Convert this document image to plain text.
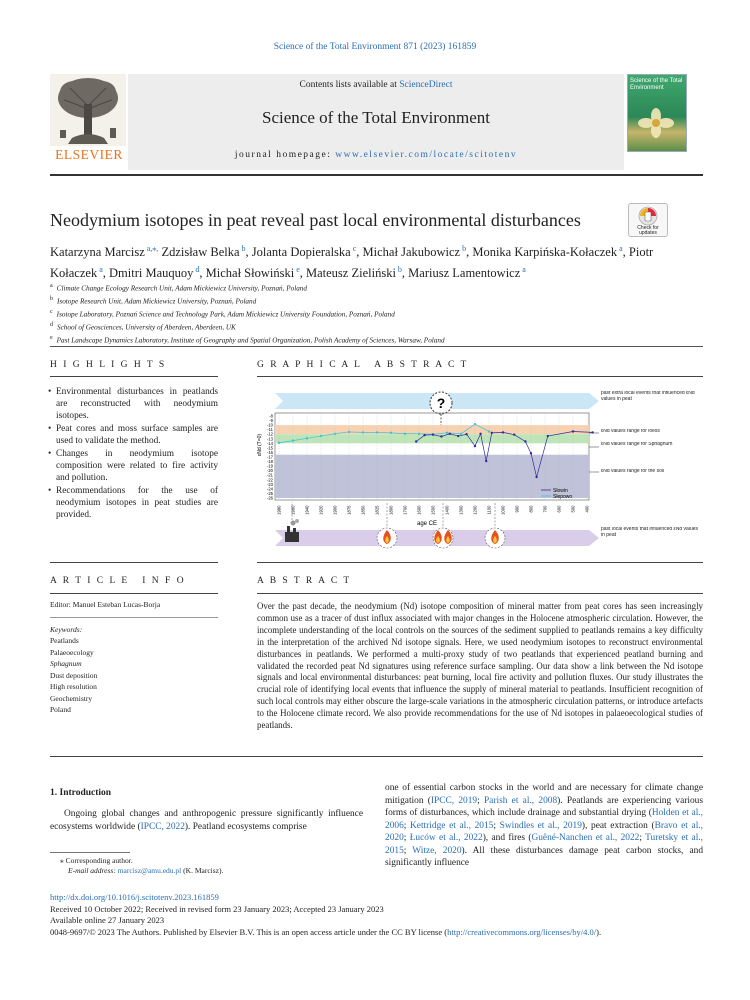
Science of the Total Environment 871 (2023) 161859
ELSEVIER
Contents lists available at ScienceDirect
Science of the Total Environment
journal homepage: www.elsevier.com/locate/scitotenv
Science of the Total Environment
Neodymium isotopes in peat reveal past local environmental disturbances	Check for updates
Katarzyna Marcisz $^{a,⁎,}$ Zdzisław Belka $^b$, Jolanta Dopieralska $^c$, Michał Jakubowicz $^b$, Monika Karpińska-Kołaczek $^a$, Piotr Kołaczek $^a$, Dmitri Mauquoy $^d$, Michał Słowiński $^e$, Mateusz Zieliński $^b$, Mariusz Lamentowicz $^a$
$^a$ Climate Change Ecology Research Unit, Adam Mickiewicz University, Poznań, Poland
$^b$ Isotope Research Unit, Adam Mickiewicz University, Poznań, Poland
$^c$ Isotope Laboratory, Poznań Science and Technology Park, Adam Mickiewicz University Foundation, Poznań, Poland
$^d$ School of Geosciences, University of Aberdeen, Aberdeen, UK
$^e$ Past Landscape Dynamics Laboratory, Institute of Geography and Spatial Organization, Polish Academy of Sciences, Warsaw, Poland
H I G H L I G H T S
• Environmental disturbances in peatlands are reconstructed with neodymium isotopes.
• Peat cores and moss surface samples are used to validate the method.
• Changes in neodymium isotope composition were related to fire activity and pollution.
• Recommendations for the use of neodymium isotopes in peat studies are provided.
G R A P H I C A L   A B S T R A C T
?
-8
-9
-10
-11
-12
-13
-14
-15
-16
-17
-18
-19
-20
-21
-22
-23
-24
-25
-26
1980 1960 1940 1920 1900 1875 1850 1825 1800 1700 1600 1500 1400 1300 1200 1100 1000 900 800 700 600 500 400
εNd (T=0)
age CE
Słowin
Słepowo
past extra local events that influenced εNd values in peat
εNd values range for loess
εNd values range for Sphagnum
εNd values range for the soil
past local events that influenced εNd values in peat
A R T I C L E   I N F O
Editor: Manuel Esteban Lucas-Borja
Keywords:
Peatlands
Palaeoecology
Sphagnum
Dust deposition
High resolution
Geochemistry
Poland
A B S T R A C T
Over the past decade, the neodymium (Nd) isotope composition of mineral matter from peat cores has seen increasingly common use as a tracer of dust influx associated with major changes in the Holocene atmospheric circulation. However, the incomplete understanding of the local controls on the sources of the sediment supplied to peatlands remains a key difficulty in the interpretation of the archived Nd isotope signals. Here, we used neodymium isotopes to reconstruct environmental disturbances in peatlands. We performed a multi-proxy study of two peatlands that experienced peatland burning and validated the recorded peat Nd signatures using reference surface sampling. Our data show a link between the Nd isotope signals and local environmental disturbances: peat burning, local fire activity and pollution fluxes. Our study illustrates the crucial role of identifying local events that influence the supply of mineral material to peatlands. Insufficient recognition of such local controls may either obscure the large-scale variations in the atmospheric circulation patterns, or introduce artefacts to the Holocene climate record. We also provide recommendations for the use of Nd isotopes in palaeoecological studies of peatlands.
1. Introduction
Ongoing global changes and anthropogenic pressure significantly influence ecosystems worldwide (IPCC, 2022). Peatland ecosystems comprise
one of essential carbon stocks in the world and are necessary for climate change mitigation (IPCC, 2019; Parish et al., 2008). Peatlands are experiencing various forms of disturbances, which include drainage and substantial drying (Holden et al., 2006; Kettridge et al., 2015; Swindles et al., 2019), peat extraction (Bravo et al., 2020; Łuców et al., 2022), and fires (Guêné-Nanchen et al., 2022; Turetsky et al., 2015; Witze, 2020). All these disturbances damage peat carbon stocks, and significantly influence
⁎ Corresponding author.
E-mail address: marcisz@amu.edu.pl (K. Marcisz).
http://dx.doi.org/10.1016/j.scitotenv.2023.161859
Received 10 October 2022; Received in revised form 23 January 2023; Accepted 23 January 2023
Available online 27 January 2023
0048-9697/© 2023 The Authors. Published by Elsevier B.V. This is an open access article under the CC BY license (http://creativecommons.org/licenses/by/4.0/).
